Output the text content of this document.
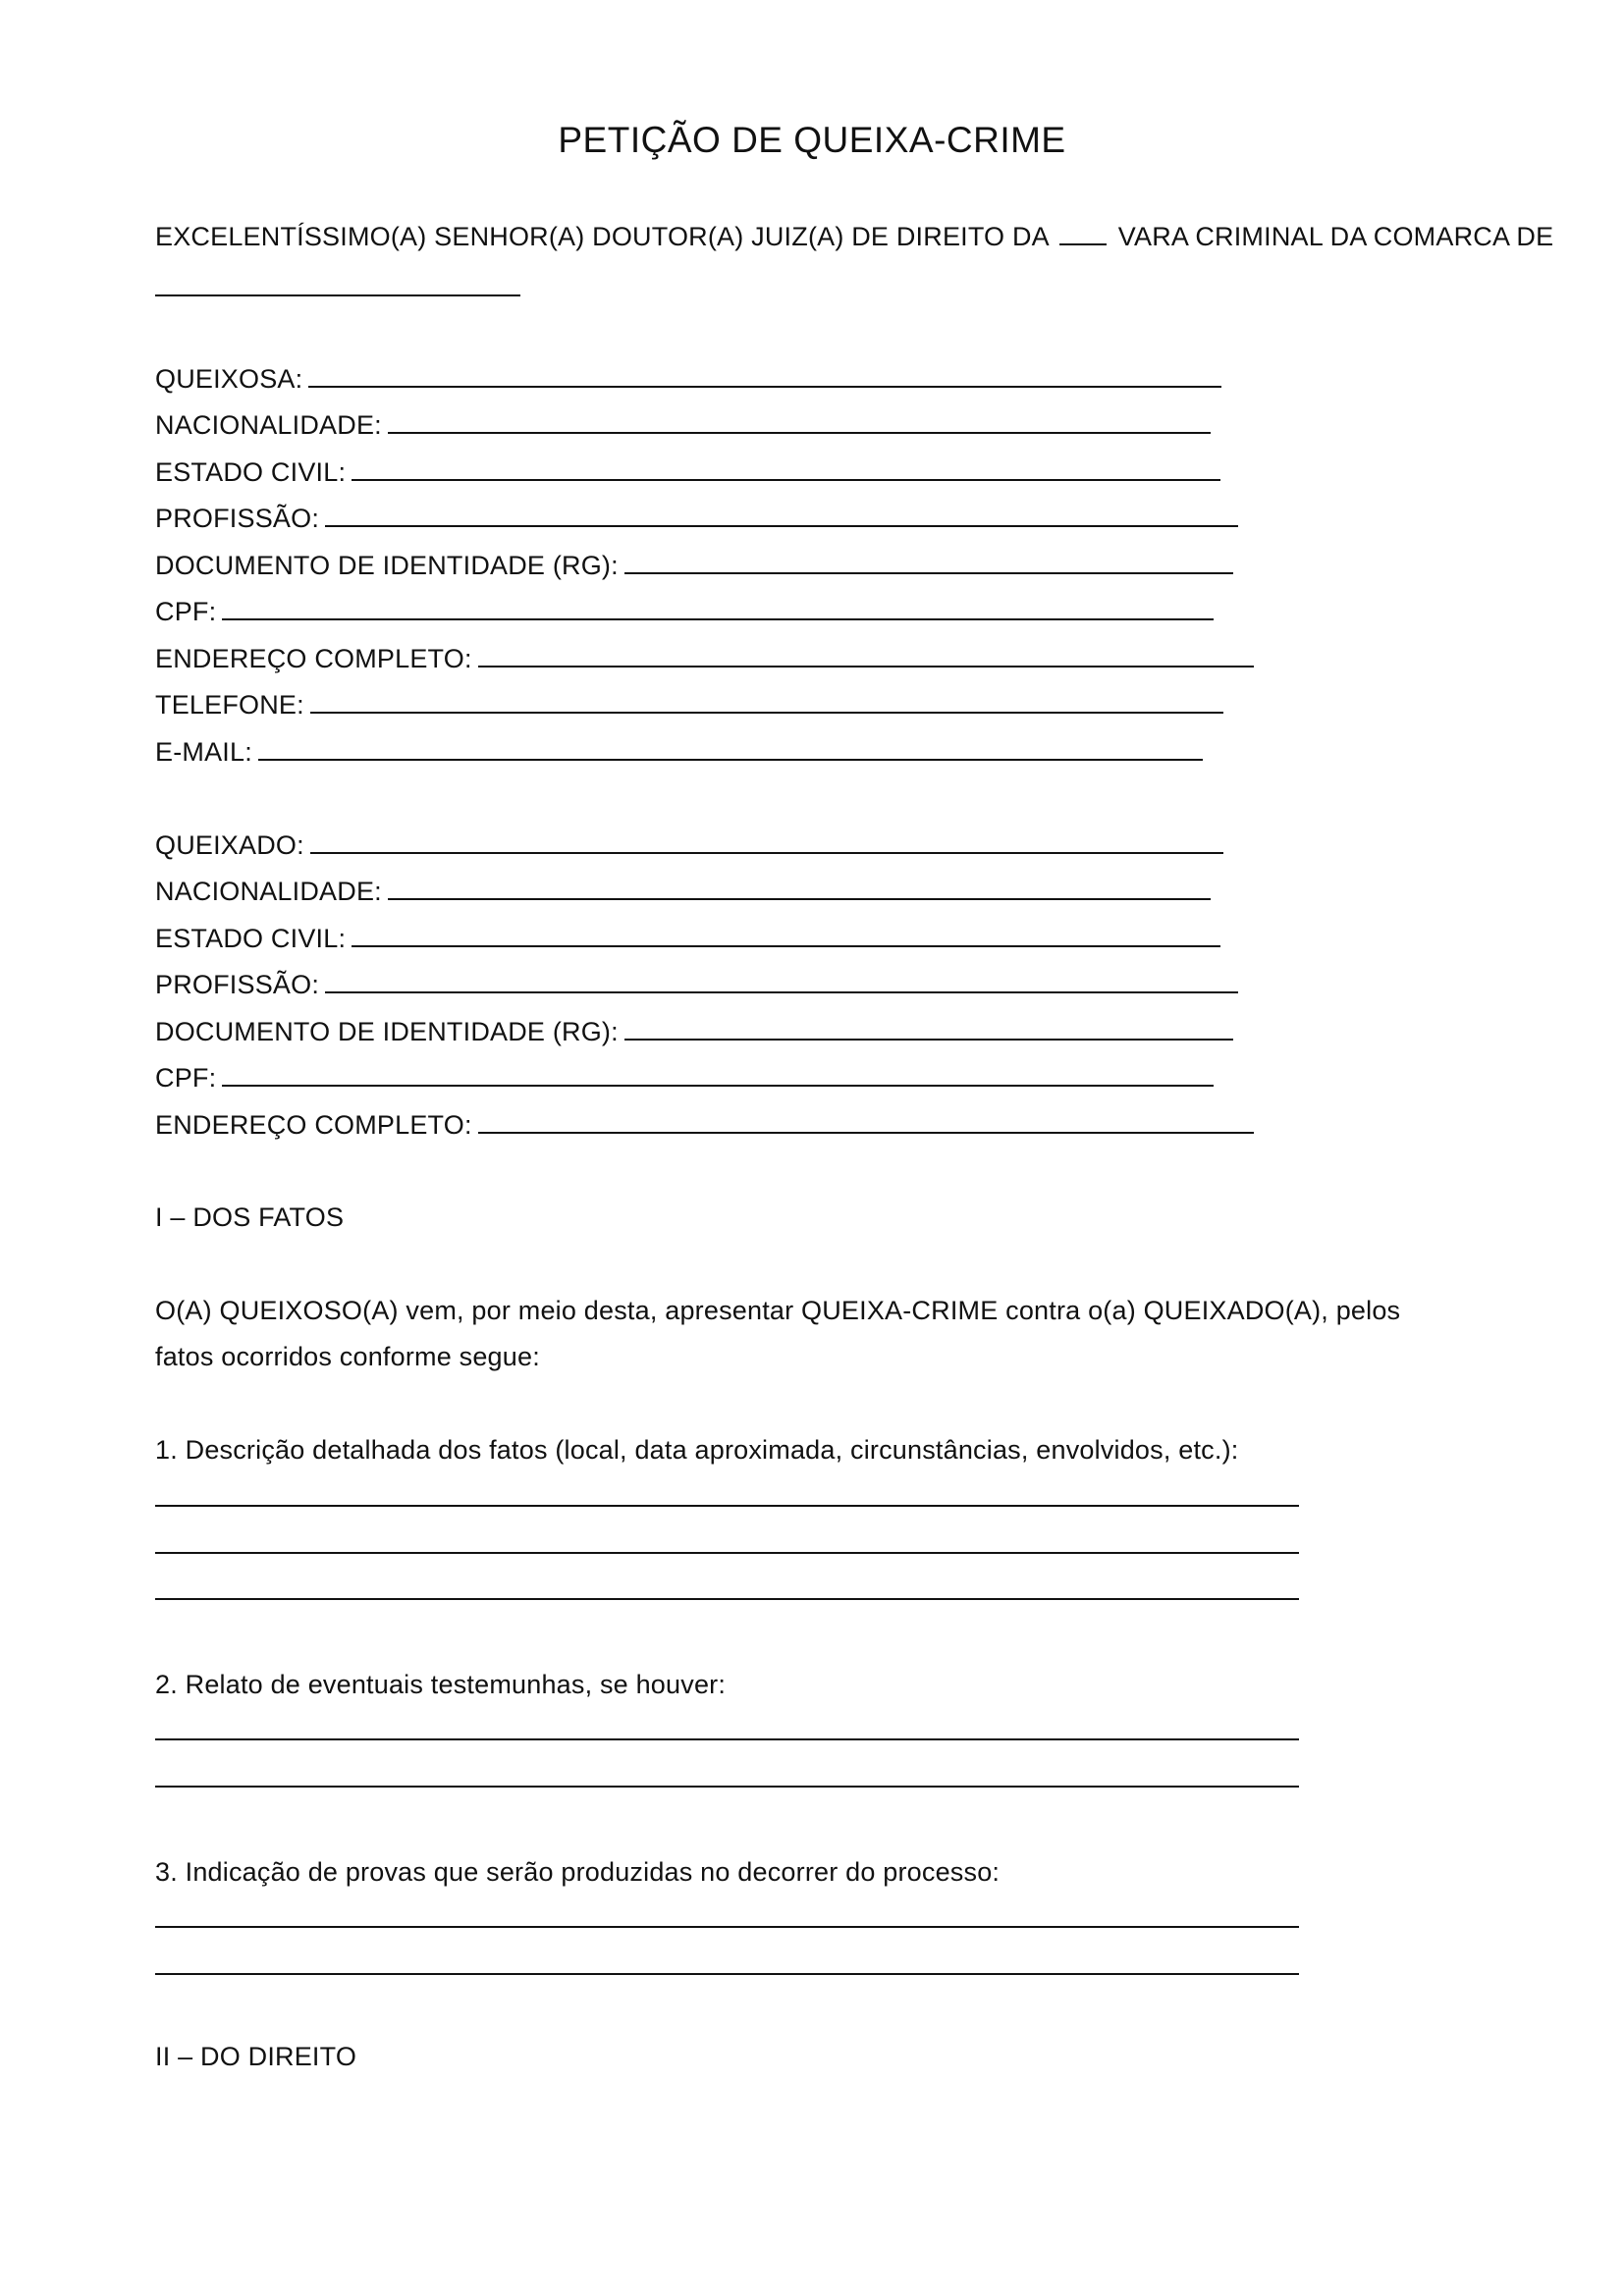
PETIÇÃO DE QUEIXA-CRIME
EXCELENTÍSSIMO(A) SENHOR(A) DOUTOR(A) JUIZ(A) DE DIREITO DA	VARA CRIMINAL DA COMARCA DE
QUEIXOSA:
NACIONALIDADE:
ESTADO CIVIL:
PROFISSÃO:
DOCUMENTO DE IDENTIDADE (RG):
CPF:
ENDEREÇO COMPLETO:
TELEFONE:
E-MAIL:
QUEIXADO:
NACIONALIDADE:
ESTADO CIVIL:
PROFISSÃO:
DOCUMENTO DE IDENTIDADE (RG):
CPF:
ENDEREÇO COMPLETO:
I – DOS FATOS
O(A) QUEIXOSO(A) vem, por meio desta, apresentar QUEIXA-CRIME contra o(a) QUEIXADO(A), pelos
fatos ocorridos conforme segue:
1. Descrição detalhada dos fatos (local, data aproximada, circunstâncias, envolvidos, etc.):
2. Relato de eventuais testemunhas, se houver:
3. Indicação de provas que serão produzidas no decorrer do processo:
II – DO DIREITO
